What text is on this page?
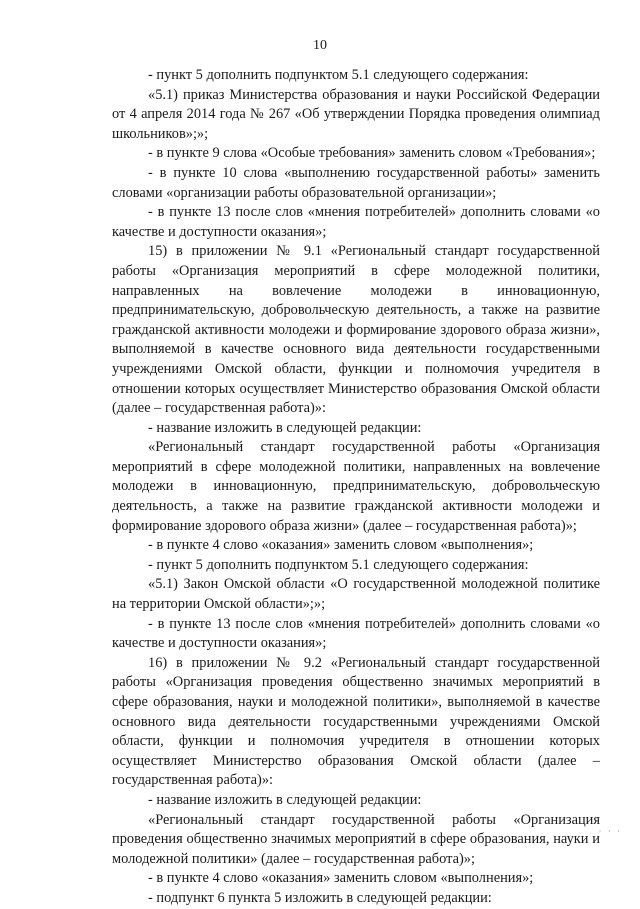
10

- пункт 5 дополнить подпунктом 5.1 следующего содержания:

«5.1) приказ Министерства образования и науки Российской Федерации от 4 апреля 2014 года № 267 «Об утверждении Порядка проведения олимпиад школьников»;»;

- в пункте 9 слова «Особые требования» заменить словом «Требования»;

- в пункте 10 слова «выполнению государственной работы» заменить словами «организации работы образовательной организации»;

- в пункте 13 после слов «мнения потребителей» дополнить словами «о качестве и доступности оказания»;

15) в приложении № 9.1 «Региональный стандарт государственной работы «Организация мероприятий в сфере молодежной политики, направленных на вовлечение молодежи в инновационную, предпринимательскую, добровольческую деятельность, а также на развитие гражданской активности молодежи и формирование здорового образа жизни», выполняемой в качестве основного вида деятельности государственными учреждениями Омской области, функции и полномочия учредителя в отношении которых осуществляет Министерство образования Омской области (далее – государственная работа)»:

- название изложить в следующей редакции:

«Региональный стандарт государственной работы «Организация мероприятий в сфере молодежной политики, направленных на вовлечение молодежи в инновационную, предпринимательскую, добровольческую деятельность, а также на развитие гражданской активности молодежи и формирование здорового образа жизни» (далее – государственная работа)»;

- в пункте 4 слово «оказания» заменить словом «выполнения»;

- пункт 5 дополнить подпунктом 5.1 следующего содержания:

«5.1) Закон Омской области «О государственной молодежной политике на территории Омской области»;»;

- в пункте 13 после слов «мнения потребителей» дополнить словами «о качестве и доступности оказания»;

16) в приложении № 9.2 «Региональный стандарт государственной работы «Организация проведения общественно значимых мероприятий в сфере образования, науки и молодежной политики», выполняемой в качестве основного вида деятельности государственными учреждениями Омской области, функции и полномочия учредителя в отношении которых осуществляет Министерство образования Омской области (далее – государственная работа)»:

- название изложить в следующей редакции:

«Региональный стандарт государственной работы «Организация проведения общественно значимых мероприятий в сфере образования, науки и молодежной политики» (далее – государственная работа)»;

- в пункте 4 слово «оказания» заменить словом «выполнения»;

- подпункт 6 пункта 5 изложить в следующей редакции:

· · ·
